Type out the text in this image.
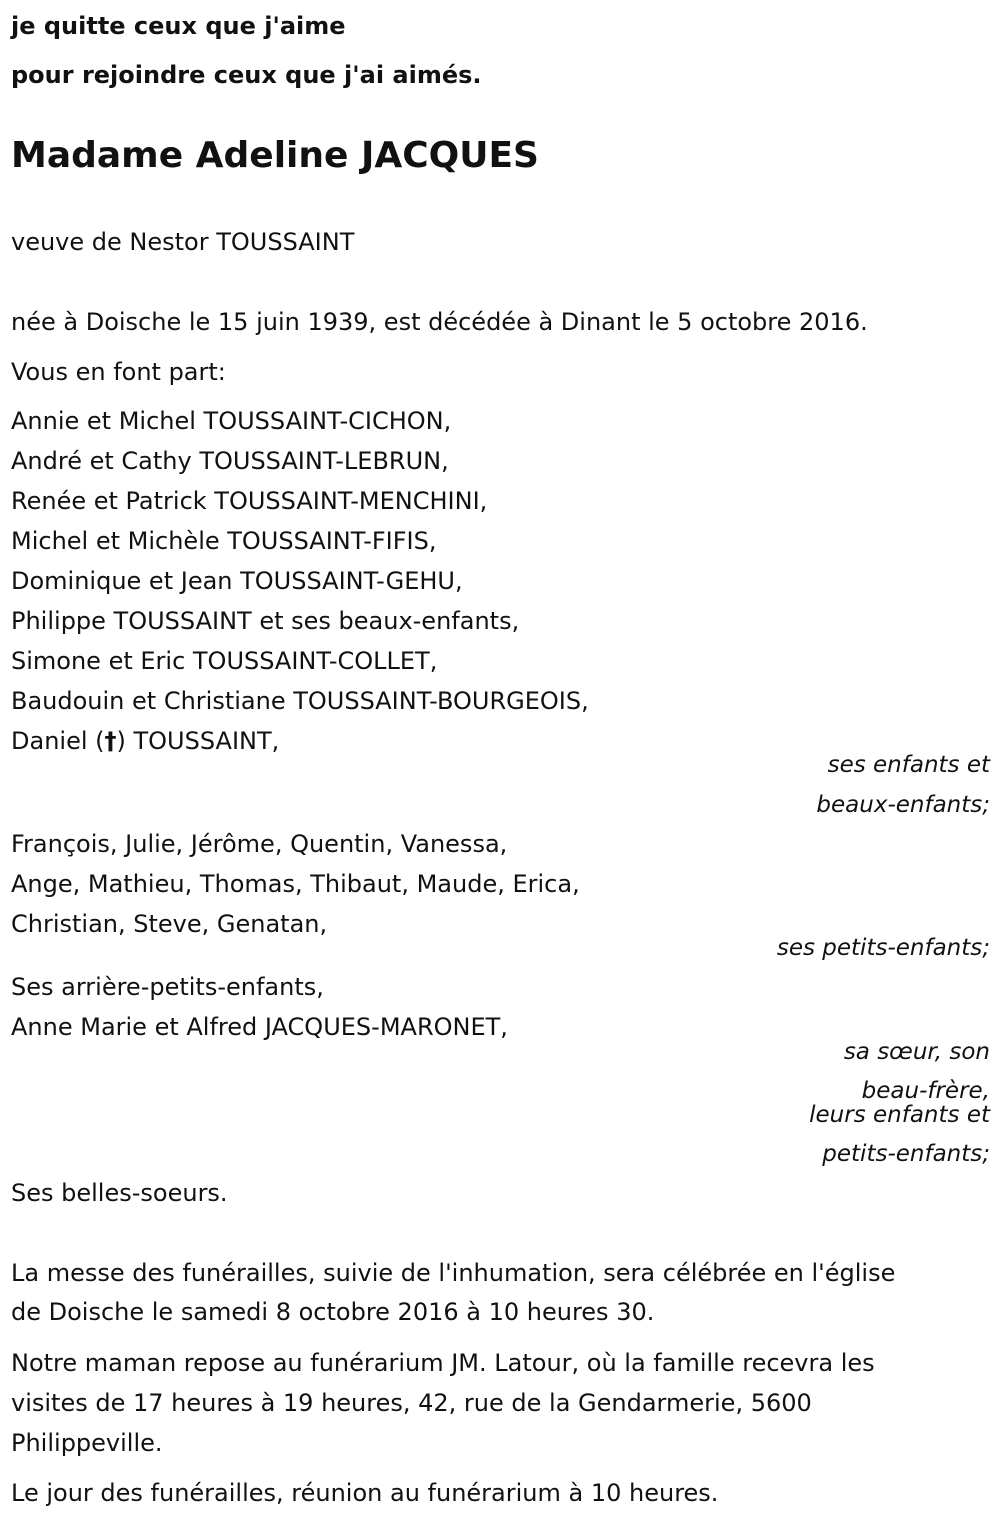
je quitte ceux que j'aime
pour rejoindre ceux que j'ai aimés.
Madame Adeline JACQUES
veuve de Nestor TOUSSAINT
née à Doische le 15 juin 1939, est décédée à Dinant le 5 octobre 2016.
Vous en font part:
Annie et Michel TOUSSAINT-CICHON,
André et Cathy TOUSSAINT-LEBRUN,
Renée et Patrick TOUSSAINT-MENCHINI,
Michel et Michèle TOUSSAINT-FIFIS,
Dominique et Jean TOUSSAINT-GEHU,
Philippe TOUSSAINT et ses beaux-enfants,
Simone et Eric TOUSSAINT-COLLET,
Baudouin et Christiane TOUSSAINT-BOURGEOIS,
Daniel (†) TOUSSAINT,
ses enfants et
beaux-enfants;
François, Julie, Jérôme, Quentin, Vanessa,
Ange, Mathieu, Thomas, Thibaut, Maude, Erica,
Christian, Steve, Genatan,
ses petits-enfants;
Ses arrière-petits-enfants,
Anne Marie et Alfred JACQUES-MARONET,
sa sœur, son
beau-frère,
leurs enfants et
petits-enfants;
Ses belles-soeurs.
La messe des funérailles, suivie de l'inhumation, sera célébrée en l'église
de Doische le samedi 8 octobre 2016 à 10 heures 30.
Notre maman repose au funérarium JM. Latour, où la famille recevra les
visites de 17 heures à 19 heures, 42, rue de la Gendarmerie, 5600
Philippeville.
Le jour des funérailles, réunion au funérarium à 10 heures.
